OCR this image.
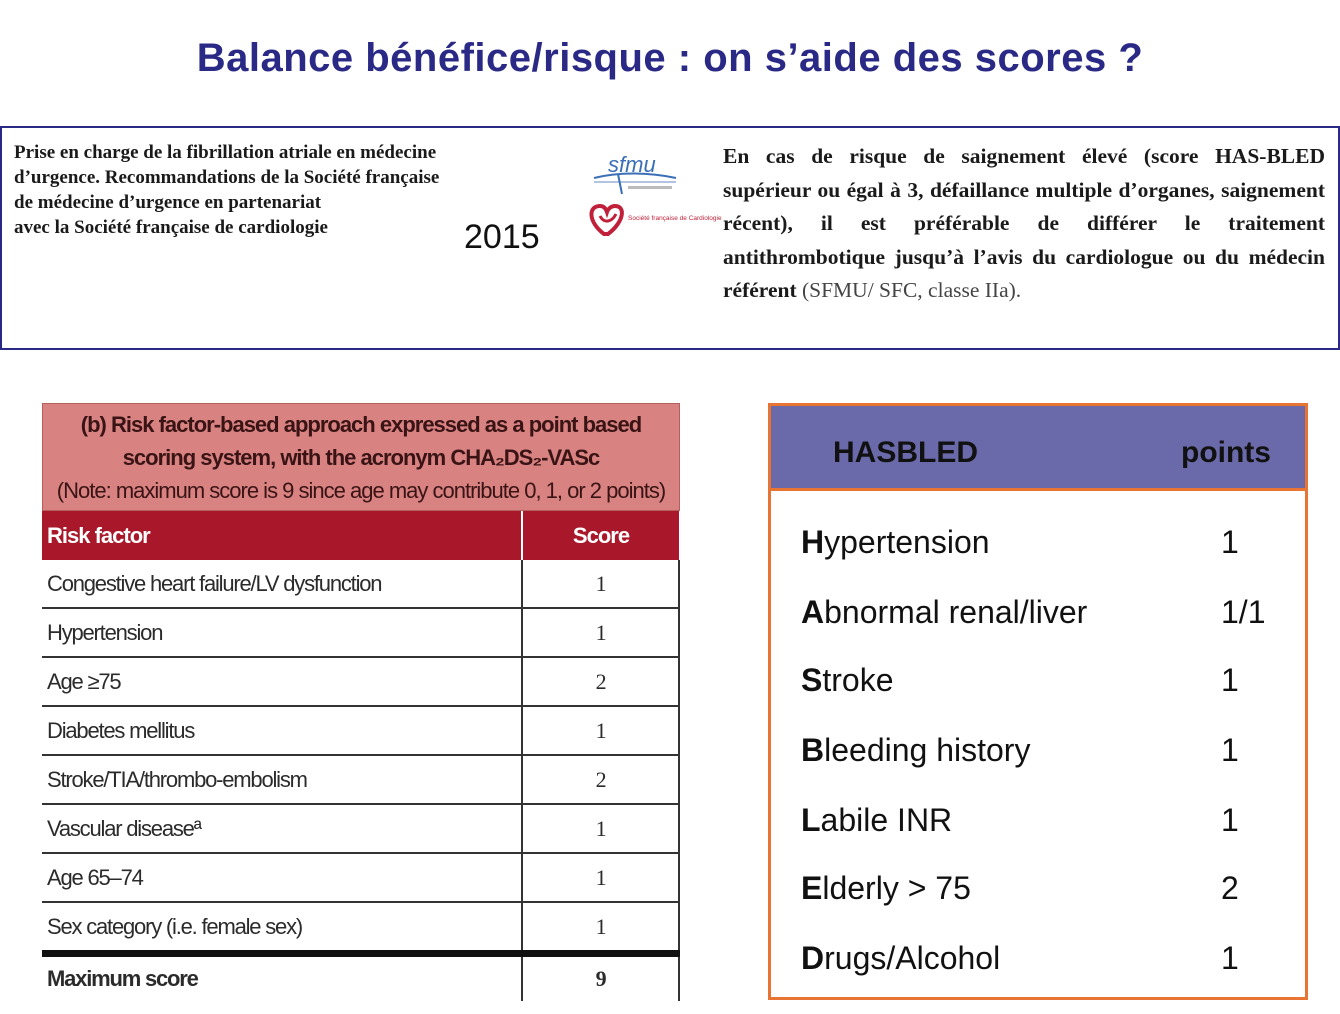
Balance bénéfice/risque : on s’aide des scores ?
Prise en charge de la fibrillation atriale en médecine
d’urgence. Recommandations de la Société française
de médecine d’urgence en partenariat
avec la Société française de cardiologie	2015
sfmu
Société française de Cardiologie
En cas de risque de saignement élevé (score HAS-BLED supérieur ou égal à 3, défaillance multiple d’organes, saignement récent), il est préférable de différer le traitement antithrombotique jusqu’à l’avis du cardiologue ou du médecin référent (SFMU/ SFC, classe IIa).
(b) Risk factor-based approach expressed as a point based
scoring system, with the acronym CHA₂DS₂-VASc
(Note: maximum score is 9 since age may contribute 0, 1, or 2 points)
Risk factor	Score
Congestive heart failure/LV dysfunction	1
Hypertension	1
Age ≥75	2
Diabetes mellitus	1
Stroke/TIA/thrombo-embolism	2
Vascular diseaseª	1
Age 65–74	1
Sex category (i.e. female sex)	1
Maximum score	9
HASBLED	points
Hypertension	1
Abnormal renal/liver	1/1
Stroke	1
Bleeding history	1
Labile INR	1
Elderly > 75	2
Drugs/Alcohol	1
